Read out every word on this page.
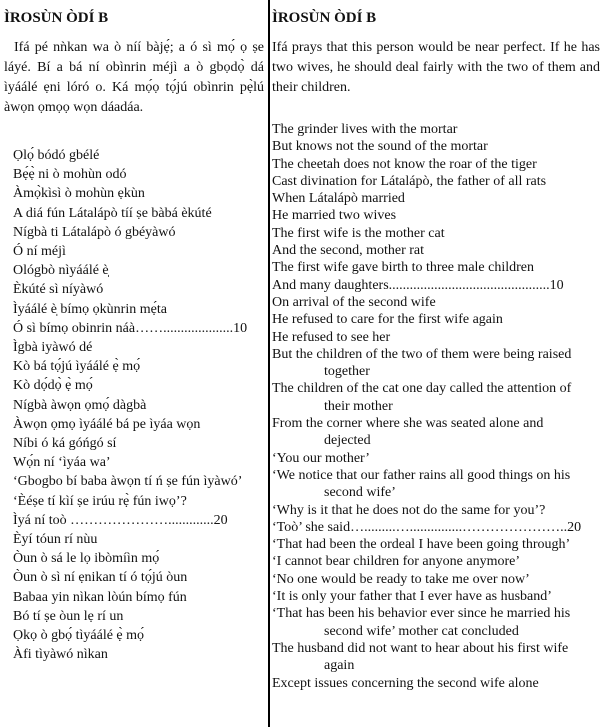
ÌROSÙN ÒDÍ B
Ifá pé nǹkan wa ò níí bàjẹ́; a ó sì mọ́ ọ ṣe láyé. Bí a bá ní obìnrin méjì a ò gbọdọ̀ dá ìyáálé ẹni lóró o. Ká mọ́ọ tọ́jú obìnrin pẹ̀lú àwọn ọmọọ wọn dáadáa.
Ọlọ́ bódó gbélé
Bẹ́ẹ̀ ni ò mohùn odó
Àmọ̀kìsì ò mohùn ẹkùn
A diá fún Látalápò tíí ṣe bàbá èkúté
Nígbà ti Látalápò ó gbéyàwó
Ó ní méjì
Ológbò nìyáálé è̩
Èkúté sì níyàwó
Ìyáálé è̩ bímọ ọkùnrin mẹ́ta
Ó sì bímọ obinrin náà……....................10
Ìgbà iyàwó dé
Kò bá tọ́jú ìyáálé ẹ̀ mọ́
Kò dọ́dọ̀ ẹ̀ mọ́
Nígbà àwọn ọmọ́ dàgbà
Àwọn ọmọ ìyáálé bá pe ìyáa wọn
Níbi ó ká góńgó sí
Wọ́n ní ‘ìyáa wa’
‘Gbogbo bí baba àwọn tí ń ṣe fún ìyàwó’
‘Èéṣe tí kìí ṣe irúu rẹ̀ fún iwọ’?
Ìyá ní toò ………………….............20
Èyí tóun rí nùu
Òun ò sá le lọ ibòmíìn mọ́
Òun ò sì ní ẹnikan tí ó tọ́jú òun
Babaa yin nìkan lòún bímọ fún
Bó tí ṣe òun lẹ rí un
Ọkọ ò gbọ́ tìyáálé ẹ̀ mọ́
Àfi tìyàwó nìkan
ÌROSÙN ÒDÍ B
Ifá prays that this person would be near perfect. If he has two wives, he should deal fairly with the two of them and their children.
The grinder lives with the mortar
But knows not the sound of the mortar
The cheetah does not know the roar of the tiger
Cast divination for Látalápò, the father of all rats
When Látalápò married
He married two wives
The first wife is the mother cat
And the second, mother rat
The first wife gave birth to three male children
And many daughters..............................................10
On arrival of the second wife
He refused to care for the first wife again
He refused to see her
But the children of the two of them were being raised
together
The children of the cat one day called the attention of
their mother
From the corner where she was seated alone and
dejected
‘You our mother’
‘We notice that our father rains all good things on his
second wife’
‘Why is it that he does not do the same for you’?
‘Toò’ she said….........…...............…………………..20
‘That had been the ordeal I have been going through’
‘I cannot bear children for anyone anymore’
‘No one would be ready to take me over now’
‘It is only your father that I ever have as husband’
‘That has been his behavior ever since he married his
second wife’ mother cat concluded
The husband did not want to hear about his first wife
again
Except issues concerning the second wife alone
